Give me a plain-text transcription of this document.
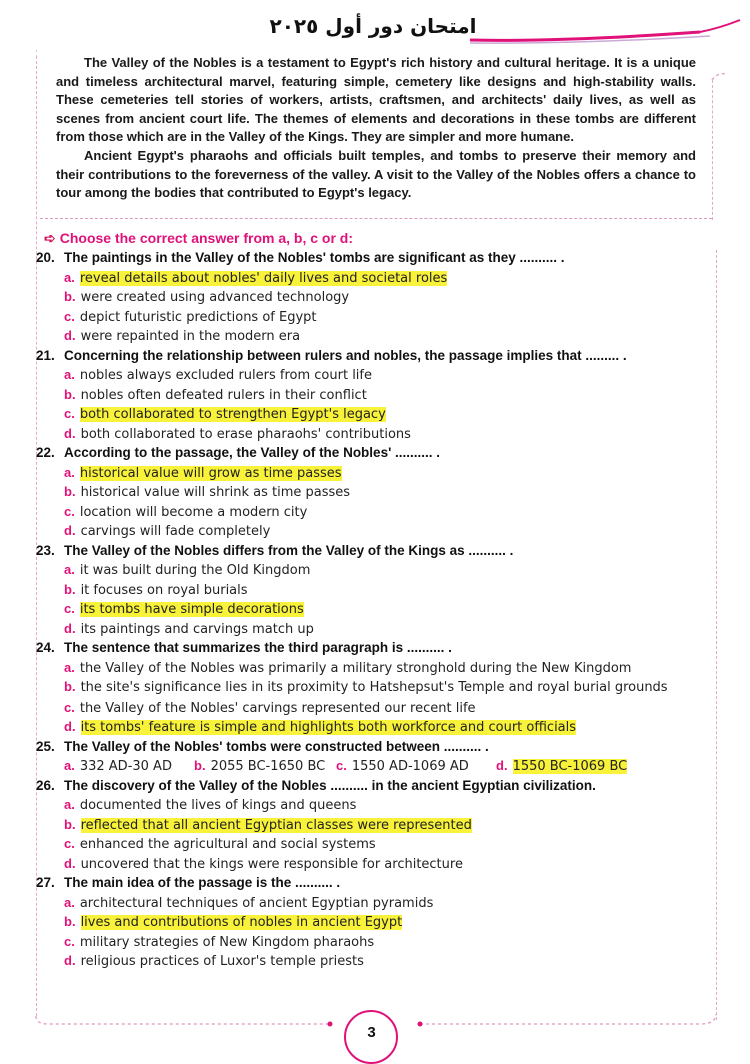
امتحان دور أول ٢٠٢٥

The Valley of the Nobles is a testament to Egypt's rich history and cultural heritage. It is a unique and timeless architectural marvel, featuring simple, cemetery like designs and high-stability walls. These cemeteries tell stories of workers, artists, craftsmen, and architects' daily lives, as well as scenes from ancient court life. The themes of elements and decorations in these tombs are different from those which are in the Valley of the Kings. They are simpler and more humane.

Ancient Egypt's pharaohs and officials built temples, and tombs to preserve their memory and their contributions to the foreverness of the valley. A visit to the Valley of the Nobles offers a chance to tour among the bodies that contributed to Egypt's legacy.

➪ Choose the correct answer from a, b, c or d:
20. The paintings in the Valley of the Nobles' tombs are significant as they .......... .
a. reveal details about nobles' daily lives and societal roles
b. were created using advanced technology
c. depict futuristic predictions of Egypt
d. were repainted in the modern era
21. Concerning the relationship between rulers and nobles, the passage implies that ......... .
a. nobles always excluded rulers from court life
b. nobles often defeated rulers in their conflict
c. both collaborated to strengthen Egypt's legacy
d. both collaborated to erase pharaohs' contributions
22. According to the passage, the Valley of the Nobles' .......... .
a. historical value will grow as time passes
b. historical value will shrink as time passes
c. location will become a modern city
d. carvings will fade completely
23. The Valley of the Nobles differs from the Valley of the Kings as .......... .
a. it was built during the Old Kingdom
b. it focuses on royal burials
c. its tombs have simple decorations
d. its paintings and carvings match up
24. The sentence that summarizes the third paragraph is .......... .
a. the Valley of the Nobles was primarily a military stronghold during the New Kingdom
b. the site's significance lies in its proximity to Hatshepsut's Temple and royal burial grounds
c. the Valley of the Nobles' carvings represented our recent life
d. its tombs' feature is simple and highlights both workforce and court officials
25. The Valley of the Nobles' tombs were constructed between .......... .
a. 332 AD-30 AD b. 2055 BC-1650 BC c. 1550 AD-1069 AD d. 1550 BC-1069 BC
26. The discovery of the Valley of the Nobles .......... in the ancient Egyptian civilization.
a. documented the lives of kings and queens
b. reflected that all ancient Egyptian classes were represented
c. enhanced the agricultural and social systems
d. uncovered that the kings were responsible for architecture
27. The main idea of the passage is the .......... .
a. architectural techniques of ancient Egyptian pyramids
b. lives and contributions of nobles in ancient Egypt
c. military strategies of New Kingdom pharaohs
d. religious practices of Luxor's temple priests
3
